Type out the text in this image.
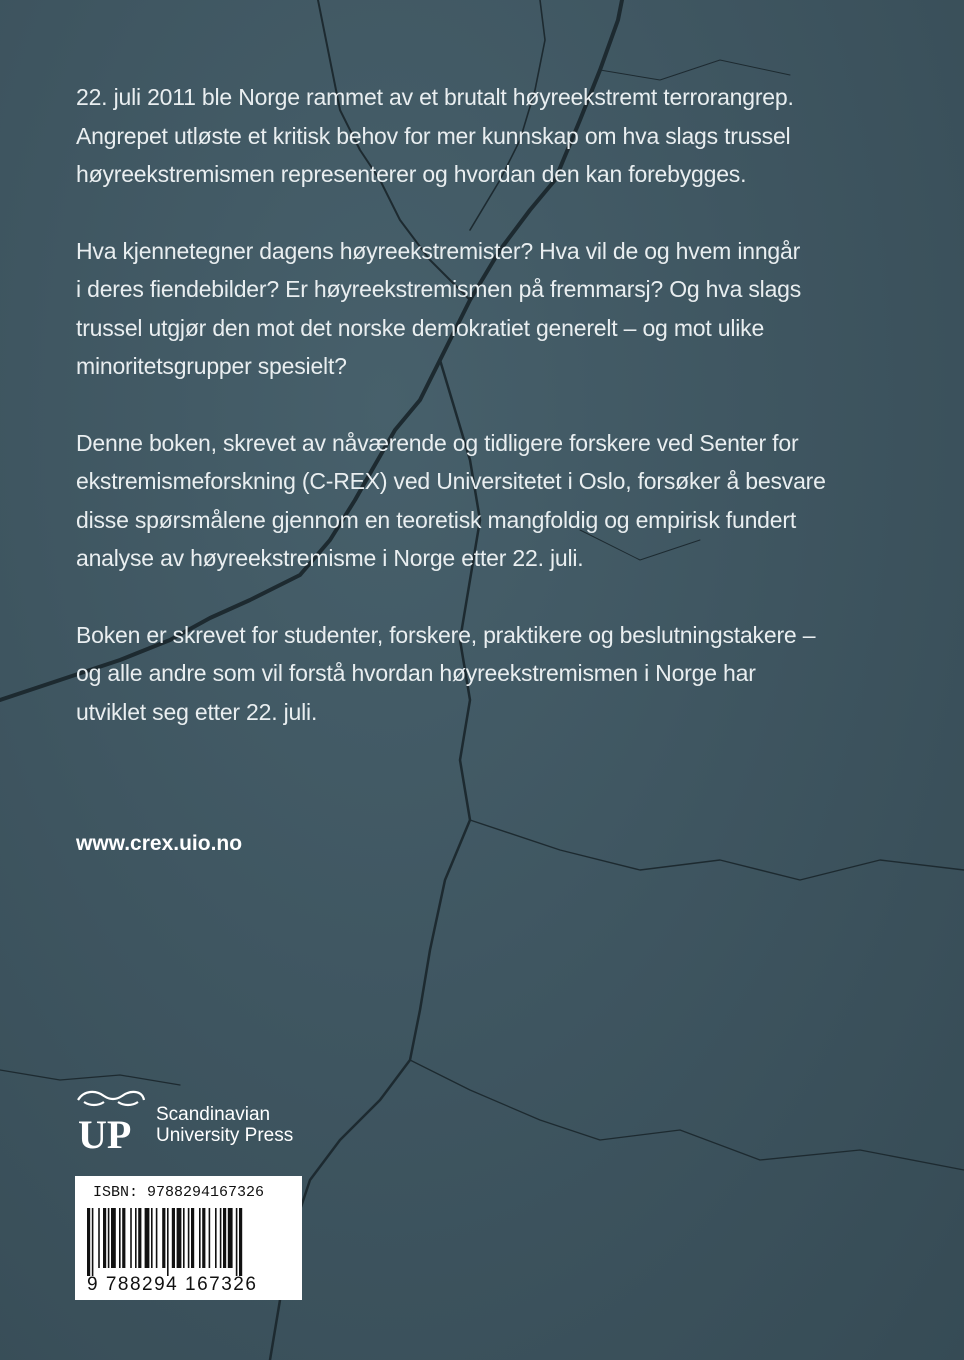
22. juli 2011 ble Norge rammet av et brutalt høyreekstremt terrorangrep.
Angrepet utløste et kritisk behov for mer kunnskap om hva slags trussel
høyreekstremismen representerer og hvordan den kan forebygges.

Hva kjennetegner dagens høyreekstremister? Hva vil de og hvem inngår
i deres fiendebilder? Er høyreekstremismen på fremmarsj? Og hva slags
trussel utgjør den mot det norske demokratiet generelt – og mot ulike
minoritetsgrupper spesielt?

Denne boken, skrevet av nåværende og tidligere forskere ved Senter for
ekstremismeforskning (C-REX) ved Universitetet i Oslo, forsøker å besvare
disse spørsmålene gjennom en teoretisk mangfoldig og empirisk fundert
analyse av høyreekstremisme i Norge etter 22. juli.

Boken er skrevet for studenter, forskere, praktikere og beslutningstakere –
og alle andre som vil forstå hvordan høyreekstremismen i Norge har
utviklet seg etter 22. juli.

www.crex.uio.no
UP Scandinavian
University Press
ISBN: 9788294167326
9 788294 167326
